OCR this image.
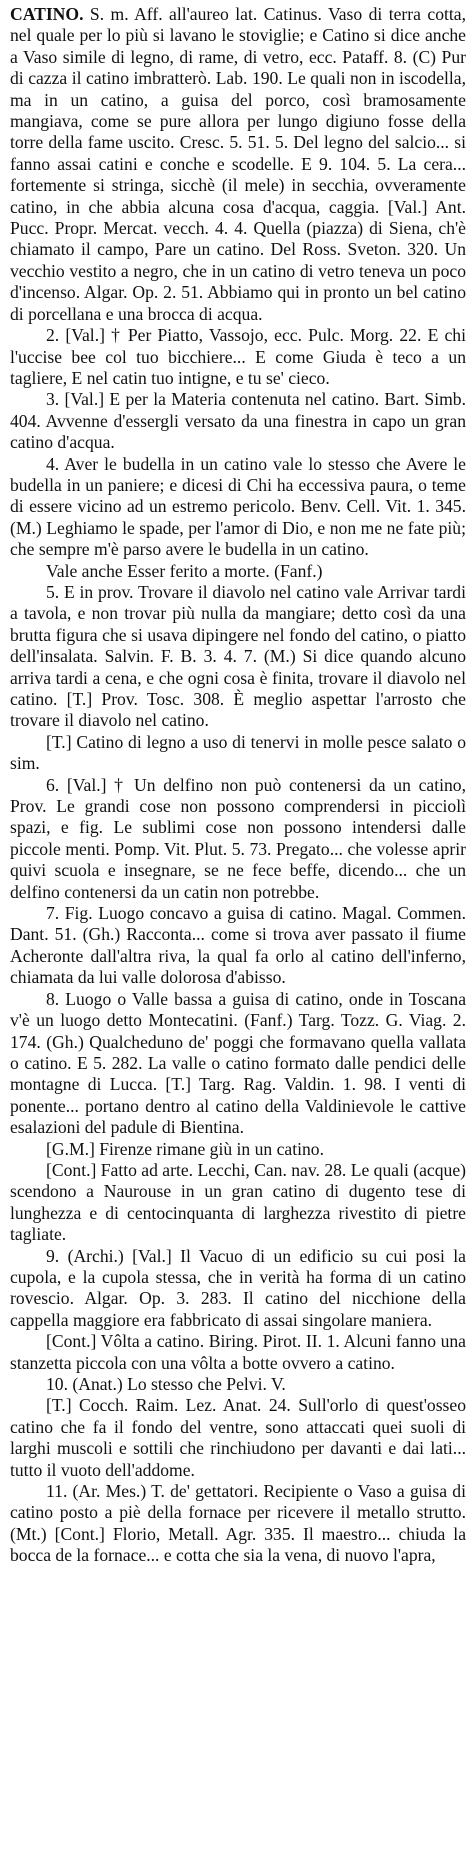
CATINO. S. m. Aff. all'aureo lat. Catinus. Vaso di terra cotta, nel quale per lo più si lavano le stoviglie; e Catino si dice anche a Vaso simile di legno, di rame, di vetro, ecc. Pataff. 8. (C) Pur di cazza il catino imbratterò. Lab. 190. Le quali non in iscodella, ma in un catino, a guisa del porco, così bramosamente mangiava, come se pure allora per lungo digiuno fosse della torre della fame uscito. Cresc. 5. 51. 5. Del legno del salcio... si fanno assai catini e conche e scodelle. E 9. 104. 5. La cera... fortemente si stringa, sicchè (il mele) in secchia, ovveramente catino, in che abbia alcuna cosa d'acqua, caggia. [Val.] Ant. Pucc. Propr. Mercat. vecch. 4. 4. Quella (piazza) di Siena, ch'è chiamato il campo, Pare un catino. Del Ross. Sveton. 320. Un vecchio vestito a negro, che in un catino di vetro teneva un poco d'incenso. Algar. Op. 2. 51. Abbiamo qui in pronto un bel catino di porcellana e una brocca di acqua.

2. [Val.] † Per Piatto, Vassojo, ecc. Pulc. Morg. 22. E chi l'uccise bee col tuo bicchiere... E come Giuda è teco a un tagliere, E nel catin tuo intigne, e tu se' cieco.

3. [Val.] E per la Materia contenuta nel catino. Bart. Simb. 404. Avvenne d'essergli versato da una finestra in capo un gran catino d'acqua.

4. Aver le budella in un catino vale lo stesso che Avere le budella in un paniere; e dicesi di Chi ha eccessiva paura, o teme di essere vicino ad un estremo pericolo. Benv. Cell. Vit. 1. 345. (M.) Leghiamo le spade, per l'amor di Dio, e non me ne fate più; che sempre m'è parso avere le budella in un catino.

Vale anche Esser ferito a morte. (Fanf.)

5. E in prov. Trovare il diavolo nel catino vale Arrivar tardi a tavola, e non trovar più nulla da mangiare; detto così da una brutta figura che si usava dipingere nel fondo del catino, o piatto dell'insalata. Salvin. F. B. 3. 4. 7. (M.) Si dice quando alcuno arriva tardi a cena, e che ogni cosa è finita, trovare il diavolo nel catino. [T.] Prov. Tosc. 308. È meglio aspettar l'arrosto che trovare il diavolo nel catino.

[T.] Catino di legno a uso di tenervi in molle pesce salato o sim.

6. [Val.] † Un delfino non può contenersi da un catino, Prov. Le grandi cose non possono comprendersi in picciolì spazi, e fig. Le sublimi cose non possono intendersi dalle piccole menti. Pomp. Vit. Plut. 5. 73. Pregato... che volesse aprir quivi scuola e insegnare, se ne fece beffe, dicendo... che un delfino contenersi da un catin non potrebbe.

7. Fig. Luogo concavo a guisa di catino. Magal. Commen. Dant. 51. (Gh.) Racconta... come si trova aver passato il fiume Acheronte dall'altra riva, la qual fa orlo al catino dell'inferno, chiamata da lui valle dolorosa d'abisso.

8. Luogo o Valle bassa a guisa di catino, onde in Toscana v'è un luogo detto Montecatini. (Fanf.) Targ. Tozz. G. Viag. 2. 174. (Gh.) Qualcheduno de' poggi che formavano quella vallata o catino. E 5. 282. La valle o catino formato dalle pendici delle montagne di Lucca. [T.] Targ. Rag. Valdin. 1. 98. I venti di ponente... portano dentro al catino della Valdinievole le cattive esalazioni del padule di Bientina.

[G.M.] Firenze rimane giù in un catino.

[Cont.] Fatto ad arte. Lecchi, Can. nav. 28. Le quali (acque) scendono a Naurouse in un gran catino di dugento tese di lunghezza e di centocinquanta di larghezza rivestito di pietre tagliate.

9. (Archi.) [Val.] Il Vacuo di un edificio su cui posi la cupola, e la cupola stessa, che in verità ha forma di un catino rovescio. Algar. Op. 3. 283. Il catino del nicchione della cappella maggiore era fabbricato di assai singolare maniera.

[Cont.] Vôlta a catino. Biring. Pirot. II. 1. Alcuni fanno una stanzetta piccola con una vôlta a botte ovvero a catino.

10. (Anat.) Lo stesso che Pelvi. V.

[T.] Cocch. Raim. Lez. Anat. 24. Sull'orlo di quest'osseo catino che fa il fondo del ventre, sono attaccati quei suoli di larghi muscoli e sottili che rinchiudono per davanti e dai lati... tutto il vuoto dell'addome.

11. (Ar. Mes.) T. de' gettatori. Recipiente o Vaso a guisa di catino posto a piè della fornace per ricevere il metallo strutto. (Mt.) [Cont.] Florio, Metall. Agr. 335. Il maestro... chiuda la bocca de la fornace... e cotta che sia la vena, di nuovo l'apra,
